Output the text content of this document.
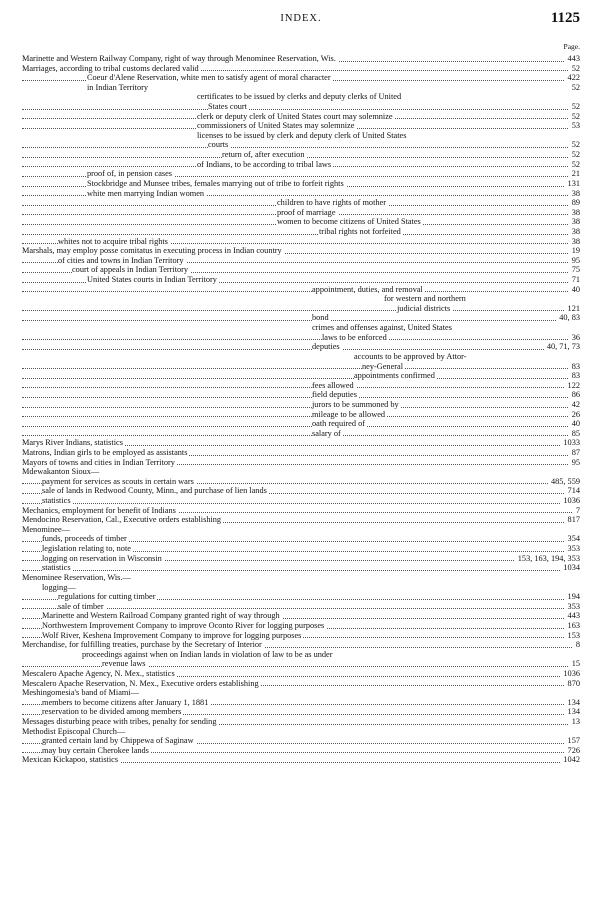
INDEX.	1125
Page.
Marinette and Western Railway Company, right of way through Menominee Reservation, Wis.	443
Marriages, according to tribal customs declared valid	52
Coeur d'Alene Reservation, white men to satisfy agent of moral character	422
in Indian Territory	52
certificates to be issued by clerks and deputy clerks of United
States court	52
clerk or deputy clerk of United States court may solemnize	52
commissioners of United States may solemnize	53
licenses to be issued by clerk and deputy clerk of United States
courts	52
return of, after execution	52
of Indians, to be according to tribal laws	52
proof of, in pension cases	21
Stockbridge and Munsee tribes, females marrying out of tribe to forfeit rights	131
white men marrying Indian women	38
children to have rights of mother	89
proof of marriage	38
women to become citizens of United States	38
tribal rights not forfeited	38
whites not to acquire tribal rights	38
Marshals, may employ posse comitatus in executing process in Indian country	19
of cities and towns in Indian Territory	95
court of appeals in Indian Territory	75
United States courts in Indian Territory	71
appointment, duties, and removal	40
for western and northern
judicial districts	121
bond	40, 83
crimes and offenses against, United States
laws to be enforced	36
deputies	40, 71, 73
accounts to be approved by Attor-
ney-General	83
appointments confirmed	83
fees allowed	122
field deputies	86
jurors to be summoned by	42
mileage to be allowed	26
oath required of	40
salary of	85
Marys River Indians, statistics	1033
Matrons, Indian girls to be employed as assistants	87
Mayors of towns and cities in Indian Territory	95
Mdewakanton Sioux—
payment for services as scouts in certain wars	485, 559
sale of lands in Redwood County, Minn., and purchase of lien lands	714
statistics	1036
Mechanics, employment for benefit of Indians	7
Mendocino Reservation, Cal., Executive orders establishing	817
Menominee—
funds, proceeds of timber	354
legislation relating to, note	353
logging on reservation in Wisconsin	153, 163, 194, 353
statistics	1034
Menominee Reservation, Wis.—
logging—
regulations for cutting timber	194
sale of timber	353
Marinette and Western Railroad Company granted right of way through	443
Northwestern Improvement Company to improve Oconto River for logging purposes	163
Wolf River, Keshena Improvement Company to improve for logging purposes	153
Merchandise, for fulfilling treaties, purchase by the Secretary of Interior	8
proceedings against when on Indian lands in violation of law to be as under
revenue laws	15
Mescalero Apache Agency, N. Mex., statistics	1036
Mescalero Apache Reservation, N. Mex., Executive orders establishing	870
Meshingomesia's band of Miami—
members to become citizens after January 1, 1881	134
reservation to be divided among members	134
Messages disturbing peace with tribes, penalty for sending	13
Methodist Episcopal Church—
granted certain land by Chippewa of Saginaw	157
may buy certain Cherokee lands	726
Mexican Kickapoo, statistics	1042
